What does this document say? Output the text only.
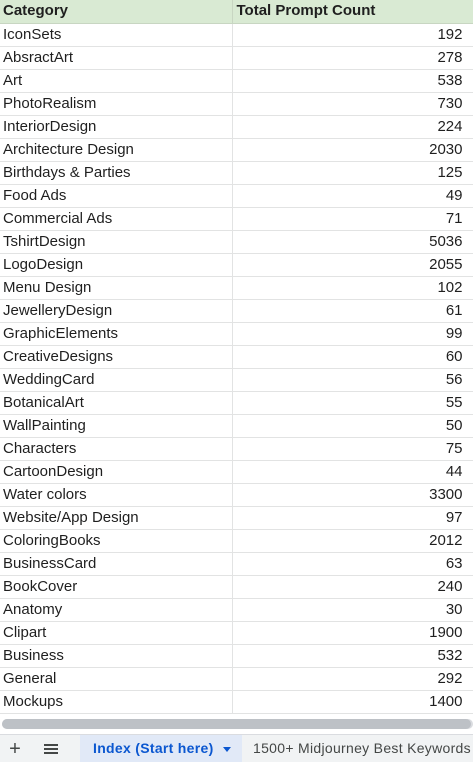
Category	Total Prompt Count
IconSets	192
AbsractArt	278
Art	538
PhotoRealism	730
InteriorDesign	224
Architecture Design	2030
Birthdays & Parties	125
Food Ads	49
Commercial Ads	71
TshirtDesign	5036
LogoDesign	2055
Menu Design	102
JewelleryDesign	61
GraphicElements	99
CreativeDesigns	60
WeddingCard	56
BotanicalArt	55
WallPainting	50
Characters	75
CartoonDesign	44
Water colors	3300
Website/App Design	97
ColoringBooks	2012
BusinessCard	63
BookCover	240
Anatomy	30
Clipart	1900
Business	532
General	292
Mockups	1400
+	Index (Start here)	1500+ Midjourney Best Keywords
